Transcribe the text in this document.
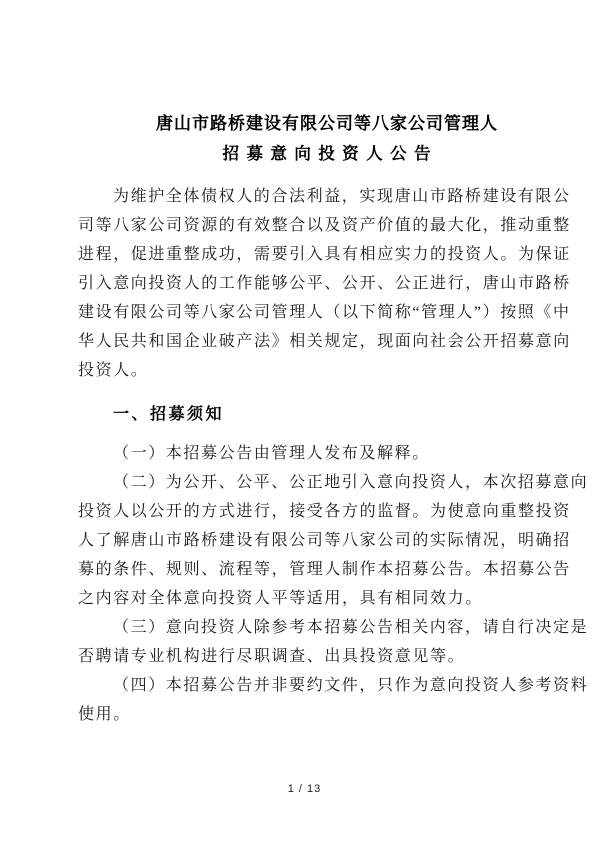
唐山市路桥建设有限公司等八家公司管理人
招募意向投资人公告
为维护全体债权人的合法利益，实现唐山市路桥建设有限公
司等八家公司资源的有效整合以及资产价值的最大化，推动重整
进程，促进重整成功，需要引入具有相应实力的投资人。为保证
引入意向投资人的工作能够公平、公开、公正进行，唐山市路桥
建设有限公司等八家公司管理人（以下简称“管理人”）按照《中
华人民共和国企业破产法》相关规定，现面向社会公开招募意向
投资人。
一、招募须知
（一）本招募公告由管理人发布及解释。
（二）为公开、公平、公正地引入意向投资人，本次招募意向
投资人以公开的方式进行，接受各方的监督。为使意向重整投资
人了解唐山市路桥建设有限公司等八家公司的实际情况，明确招
募的条件、规则、流程等，管理人制作本招募公告。本招募公告
之内容对全体意向投资人平等适用，具有相同效力。
（三）意向投资人除参考本招募公告相关内容，请自行决定是
否聘请专业机构进行尽职调查、出具投资意见等。
（四）本招募公告并非要约文件，只作为意向投资人参考资料
使用。
1 / 13
